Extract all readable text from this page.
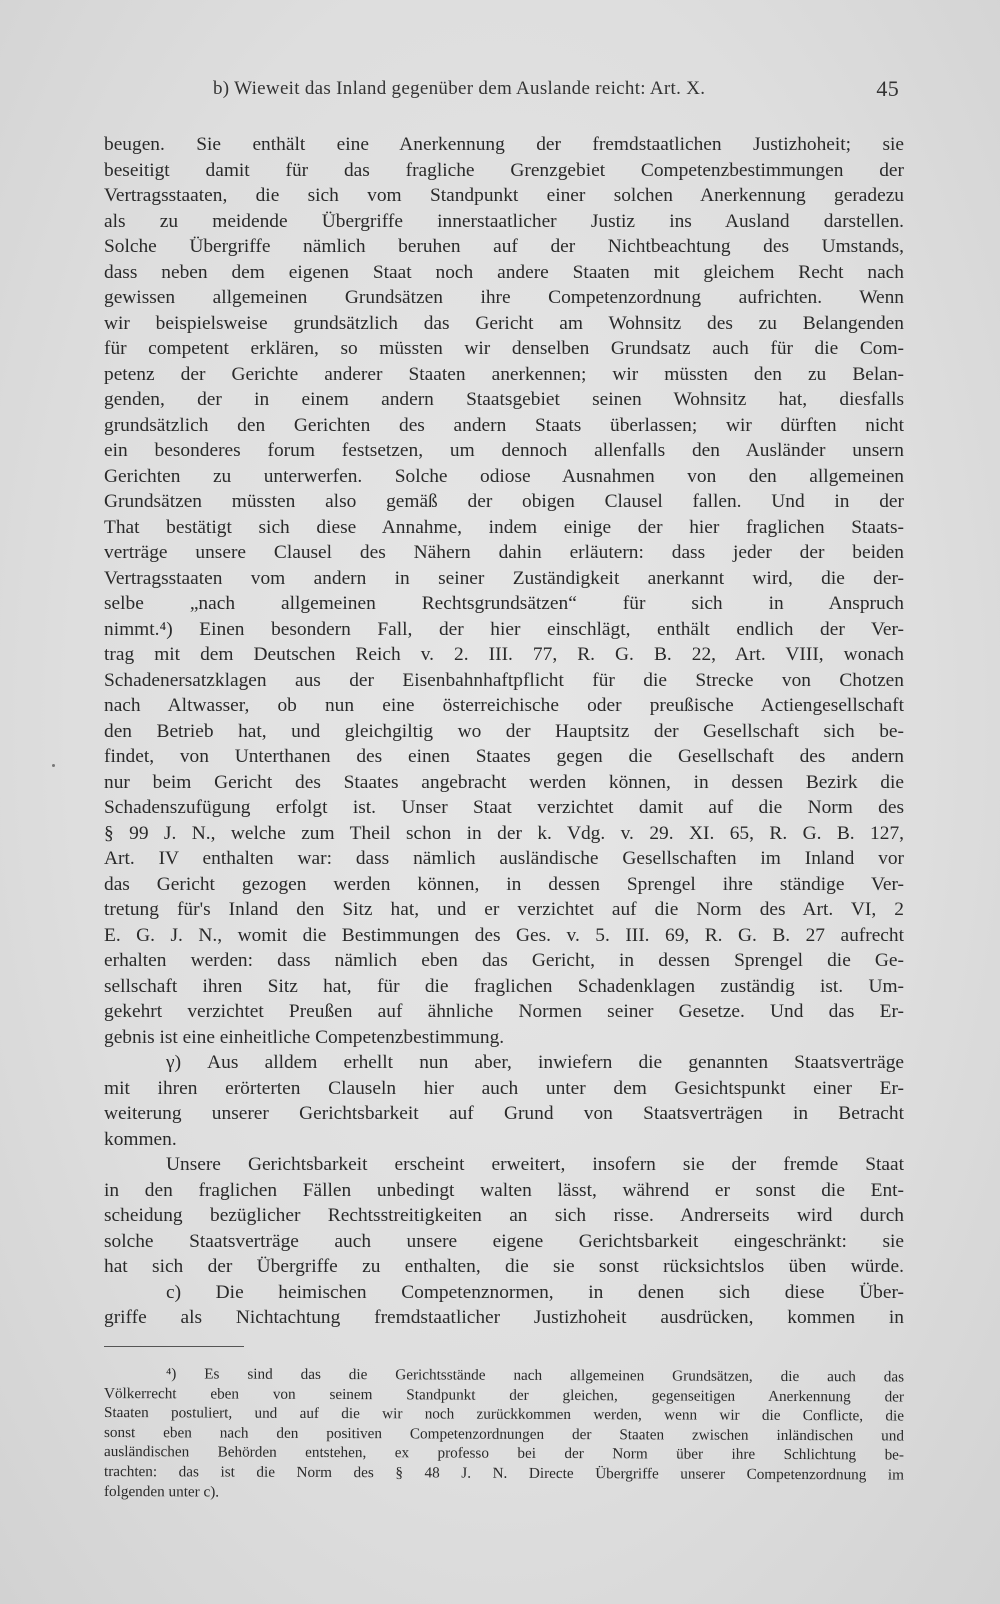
b) Wieweit das Inland gegenüber dem Auslande reicht: Art. X.	45
beugen. Sie enthält eine Anerkennung der fremdstaatlichen Justizhoheit; sie
beseitigt damit für das fragliche Grenzgebiet Competenzbestimmungen der
Vertragsstaaten, die sich vom Standpunkt einer solchen Anerkennung geradezu
als zu meidende Übergriffe innerstaatlicher Justiz ins Ausland darstellen.
Solche Übergriffe nämlich beruhen auf der Nichtbeachtung des Umstands,
dass neben dem eigenen Staat noch andere Staaten mit gleichem Recht nach
gewissen allgemeinen Grundsätzen ihre Competenzordnung aufrichten. Wenn
wir beispielsweise grundsätzlich das Gericht am Wohnsitz des zu Belangenden
für competent erklären, so müssten wir denselben Grundsatz auch für die Com-
petenz der Gerichte anderer Staaten anerkennen; wir müssten den zu Belan-
genden, der in einem andern Staatsgebiet seinen Wohnsitz hat, diesfalls
grundsätzlich den Gerichten des andern Staats überlassen; wir dürften nicht
ein besonderes forum festsetzen, um dennoch allenfalls den Ausländer unsern
Gerichten zu unterwerfen. Solche odiose Ausnahmen von den allgemeinen
Grundsätzen müssten also gemäß der obigen Clausel fallen. Und in der
That bestätigt sich diese Annahme, indem einige der hier fraglichen Staats-
verträge unsere Clausel des Nähern dahin erläutern: dass jeder der beiden
Vertragsstaaten vom andern in seiner Zuständigkeit anerkannt wird, die der-
selbe „nach allgemeinen Rechtsgrundsätzen“ für sich in Anspruch
nimmt.⁴) Einen besondern Fall, der hier einschlägt, enthält endlich der Ver-
trag mit dem Deutschen Reich v. 2. III. 77, R. G. B. 22, Art. VIII, wonach
Schadenersatzklagen aus der Eisenbahnhaftpflicht für die Strecke von Chotzen
nach Altwasser, ob nun eine österreichische oder preußische Actiengesellschaft
den Betrieb hat, und gleichgiltig wo der Hauptsitz der Gesellschaft sich be-
findet, von Unterthanen des einen Staates gegen die Gesellschaft des andern
nur beim Gericht des Staates angebracht werden können, in dessen Bezirk die
Schadenszufügung erfolgt ist. Unser Staat verzichtet damit auf die Norm des
§ 99 J. N., welche zum Theil schon in der k. Vdg. v. 29. XI. 65, R. G. B. 127,
Art. IV enthalten war: dass nämlich ausländische Gesellschaften im Inland vor
das Gericht gezogen werden können, in dessen Sprengel ihre ständige Ver-
tretung für's Inland den Sitz hat, und er verzichtet auf die Norm des Art. VI, 2
E. G. J. N., womit die Bestimmungen des Ges. v. 5. III. 69, R. G. B. 27 aufrecht
erhalten werden: dass nämlich eben das Gericht, in dessen Sprengel die Ge-
sellschaft ihren Sitz hat, für die fraglichen Schadenklagen zuständig ist. Um-
gekehrt verzichtet Preußen auf ähnliche Normen seiner Gesetze. Und das Er-
gebnis ist eine einheitliche Competenzbestimmung.
γ) Aus alldem erhellt nun aber, inwiefern die genannten Staatsverträge
mit ihren erörterten Clauseln hier auch unter dem Gesichtspunkt einer Er-
weiterung unserer Gerichtsbarkeit auf Grund von Staatsverträgen in Betracht
kommen.
Unsere Gerichtsbarkeit erscheint erweitert, insofern sie der fremde Staat
in den fraglichen Fällen unbedingt walten lässt, während er sonst die Ent-
scheidung bezüglicher Rechtsstreitigkeiten an sich risse. Andrerseits wird durch
solche Staatsverträge auch unsere eigene Gerichtsbarkeit eingeschränkt: sie
hat sich der Übergriffe zu enthalten, die sie sonst rücksichtslos üben würde.
c) Die heimischen Competenznormen, in denen sich diese Über-
griffe als Nichtachtung fremdstaatlicher Justizhoheit ausdrücken, kommen in
⁴) Es sind das die Gerichtsstände nach allgemeinen Grundsätzen, die auch das
Völkerrecht eben von seinem Standpunkt der gleichen, gegenseitigen Anerkennung der
Staaten postuliert, und auf die wir noch zurückkommen werden, wenn wir die Conflicte, die
sonst eben nach den positiven Competenzordnungen der Staaten zwischen inländischen und
ausländischen Behörden entstehen, ex professo bei der Norm über ihre Schlichtung be-
trachten: das ist die Norm des § 48 J. N. Directe Übergriffe unserer Competenzordnung im
folgenden unter c).
